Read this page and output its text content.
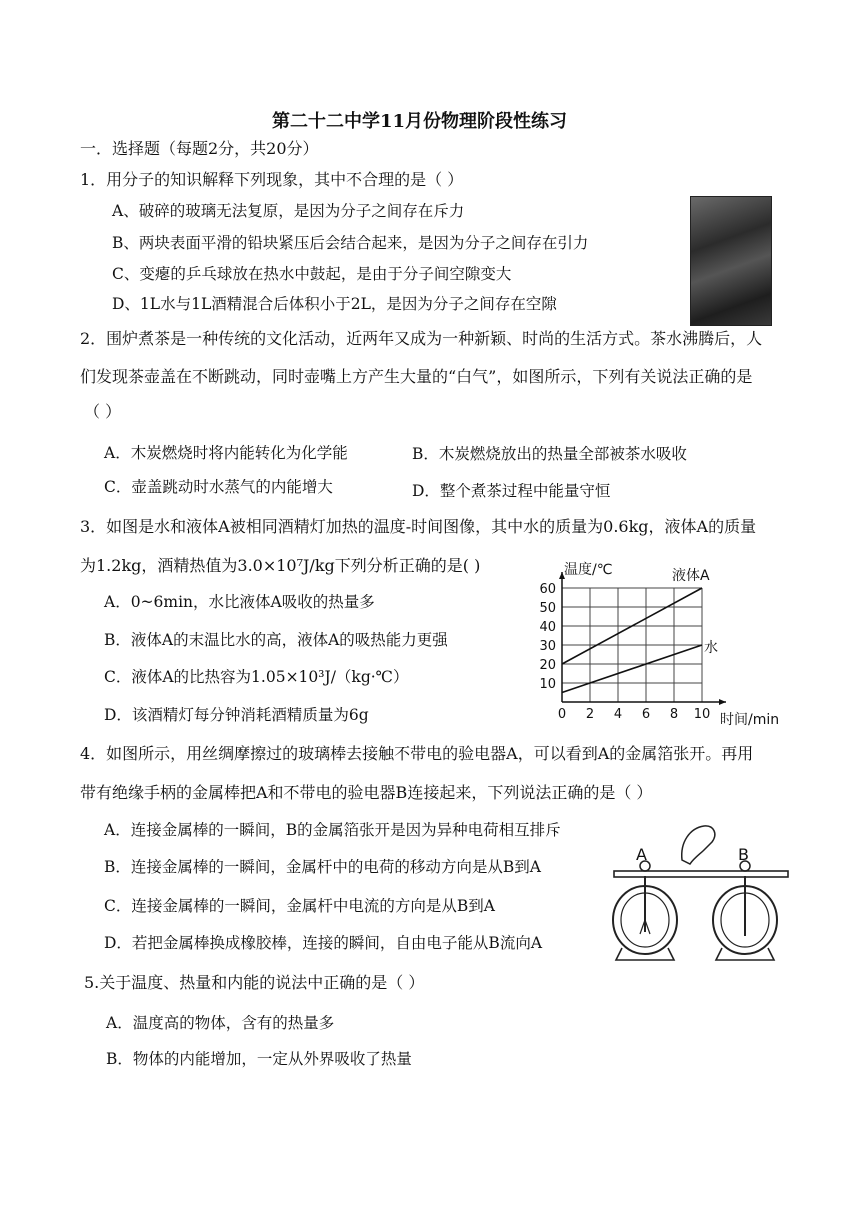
第二十二中学11月份物理阶段性练习
一．选择题（每题2分，共20分）
1．用分子的知识解释下列现象，其中不合理的是（ ）
A、破碎的玻璃无法复原，是因为分子之间存在斥力
B、两块表面平滑的铅块紧压后会结合起来，是因为分子之间存在引力
C、变瘪的乒乓球放在热水中鼓起，是由于分子间空隙变大
D、1L水与1L酒精混合后体积小于2L，是因为分子之间存在空隙
2．围炉煮茶是一种传统的文化活动，近两年又成为一种新颖、时尚的生活方式。茶水沸腾后，人
们发现茶壶盖在不断跳动，同时壶嘴上方产生大量的“白气”，如图所示，下列有关说法正确的是
（ ）
A．木炭燃烧时将内能转化为化学能	B．木炭燃烧放出的热量全部被茶水吸收
C．壶盖跳动时水蒸气的内能增大	D．整个煮茶过程中能量守恒
3．如图是水和液体A被相同酒精灯加热的温度-时间图像，其中水的质量为0.6kg，液体A的质量
为1.2kg，酒精热值为3.0×10⁷J/kg下列分析正确的是( )
A．0~6min，水比液体A吸收的热量多
B．液体A的末温比水的高，液体A的吸热能力更强
C．液体A的比热容为1.05×10³J/（kg·℃）
D．该酒精灯每分钟消耗酒精质量为6g	0 2 4 6 8 10
10
20
30
40
50
60
温度/℃
时间/min
液体A
水
4．如图所示，用丝绸摩擦过的玻璃棒去接触不带电的验电器A，可以看到A的金属箔张开。再用
带有绝缘手柄的金属棒把A和不带电的验电器B连接起来，下列说法正确的是（ ）
A．连接金属棒的一瞬间，B的金属箔张开是因为异种电荷相互排斥
B．连接金属棒的一瞬间，金属杆中的电荷的移动方向是从B到A
C．连接金属棒的一瞬间，金属杆中电流的方向是从B到A
D．若把金属棒换成橡胶棒，连接的瞬间，自由电子能从B流向A
A	B
5.关于温度、热量和内能的说法中正确的是（ ）
A．温度高的物体，含有的热量多
B．物体的内能增加，一定从外界吸收了热量
